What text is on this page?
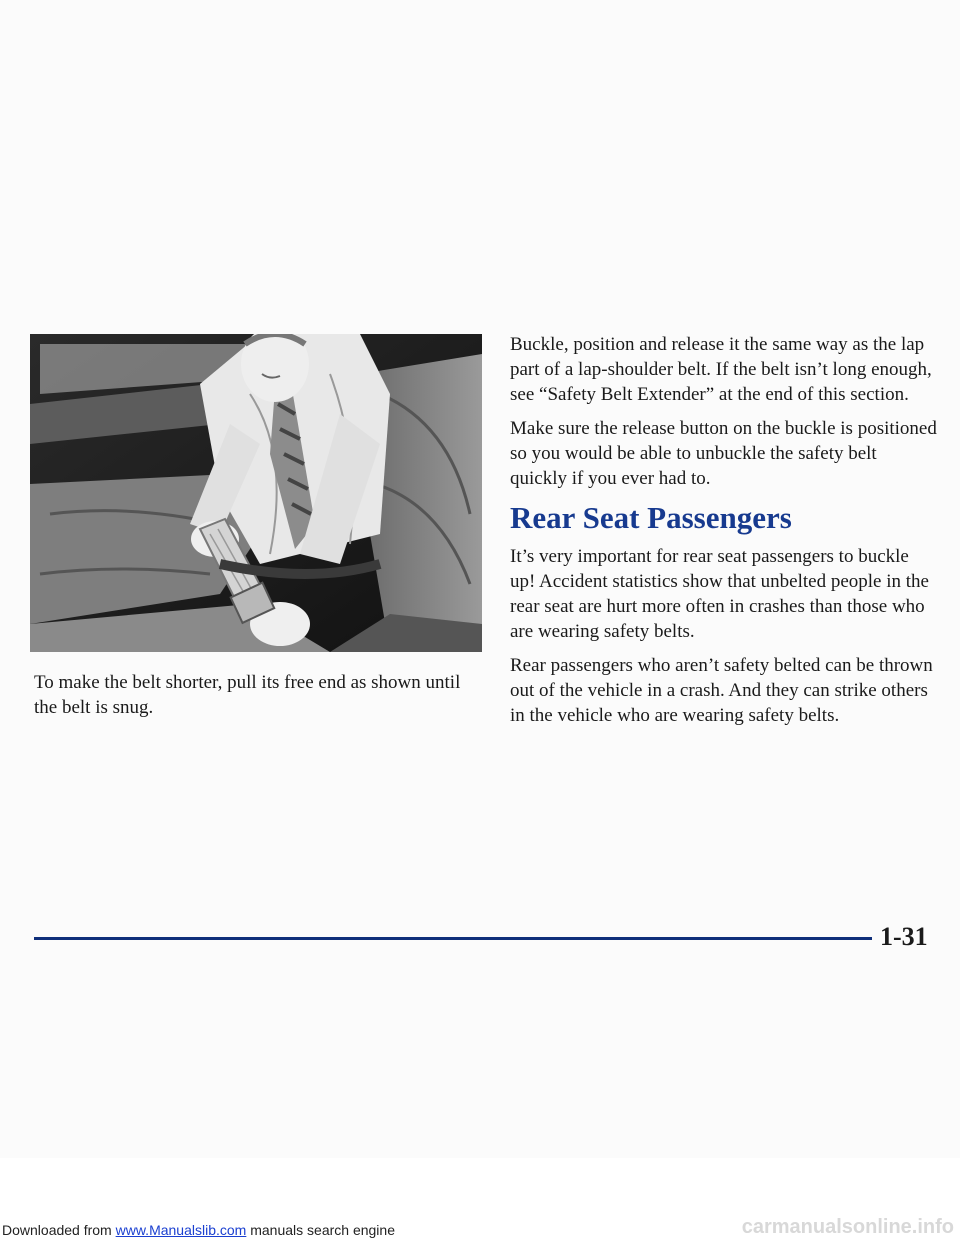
To make the belt shorter, pull its free end as shown until the belt is snug.

Buckle, position and release it the same way as the lap part of a lap-shoulder belt. If the belt isn’t long enough, see “Safety Belt Extender” at the end of this section.

Make sure the release button on the buckle is positioned so you would be able to unbuckle the safety belt quickly if you ever had to.

Rear Seat Passengers

It’s very important for rear seat passengers to buckle up! Accident statistics show that unbelted people in the rear seat are hurt more often in crashes than those who are wearing safety belts.

Rear passengers who aren’t safety belted can be thrown out of the vehicle in a crash. And they can strike others in the vehicle who are wearing safety belts.

1-31
Downloaded from www.Manualslib.com manuals search engine	carmanualsonline.info
